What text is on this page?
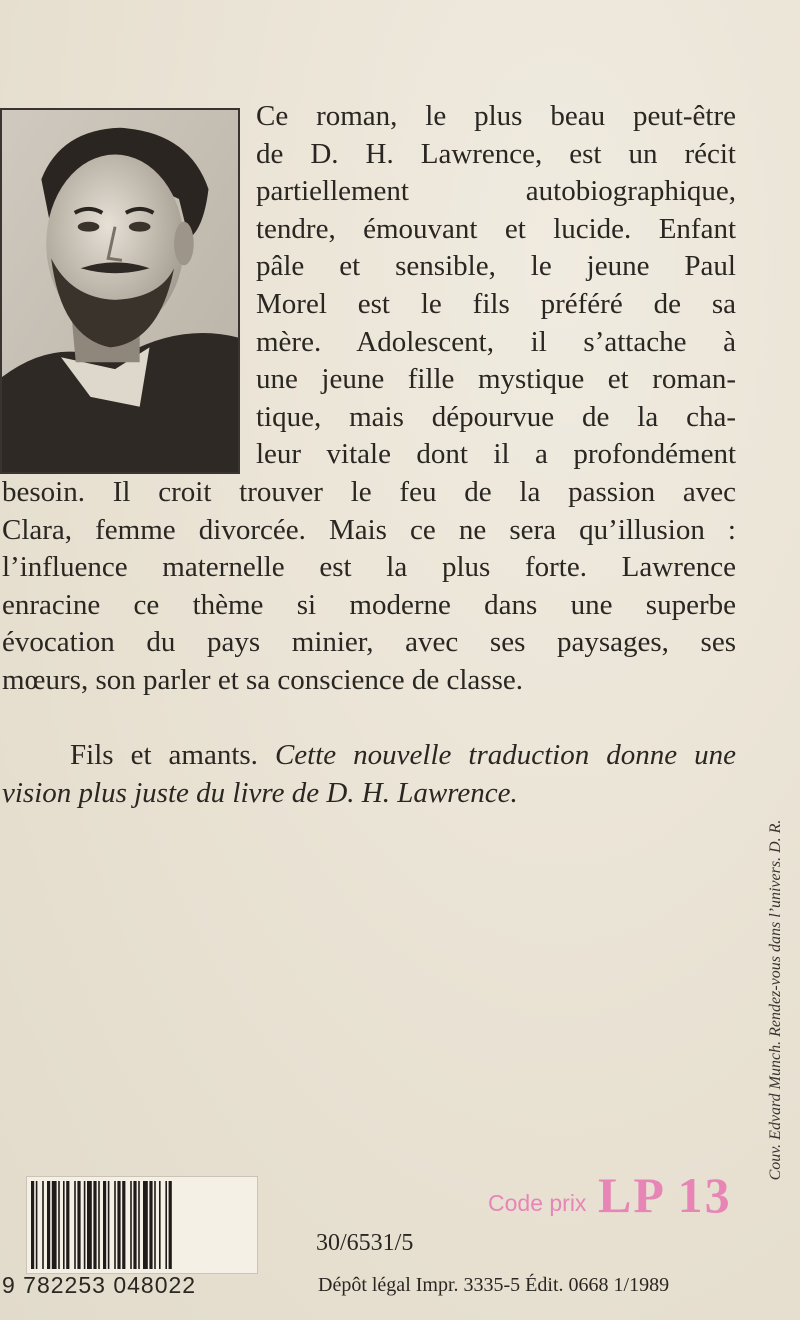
Ce roman, le plus beau peut-être
de D. H. Lawrence, est un récit
partiellement autobiographique,
tendre, émouvant et lucide. Enfant
pâle et sensible, le jeune Paul
Morel est le fils préféré de sa
mère. Adolescent, il s’attache à
une jeune fille mystique et roman-
tique, mais dépourvue de la cha-
leur vitale dont il a profondément
besoin. Il croit trouver le feu de la passion avec
Clara, femme divorcée. Mais ce ne sera qu’illusion :
l’influence maternelle est la plus forte. Lawrence
enracine ce thème si moderne dans une superbe
évocation du pays minier, avec ses paysages, ses
mœurs, son parler et sa conscience de classe.
Fils et amants. Cette nouvelle traduction donne une
vision plus juste du livre de D. H. Lawrence.
Couv. Edvard Munch. Rendez-vous dans l’univers. D. R.
9 782253 048022
Code prix LP 13
30/6531/5
Dépôt légal Impr. 3335-5 Édit. 0668 1/1989
